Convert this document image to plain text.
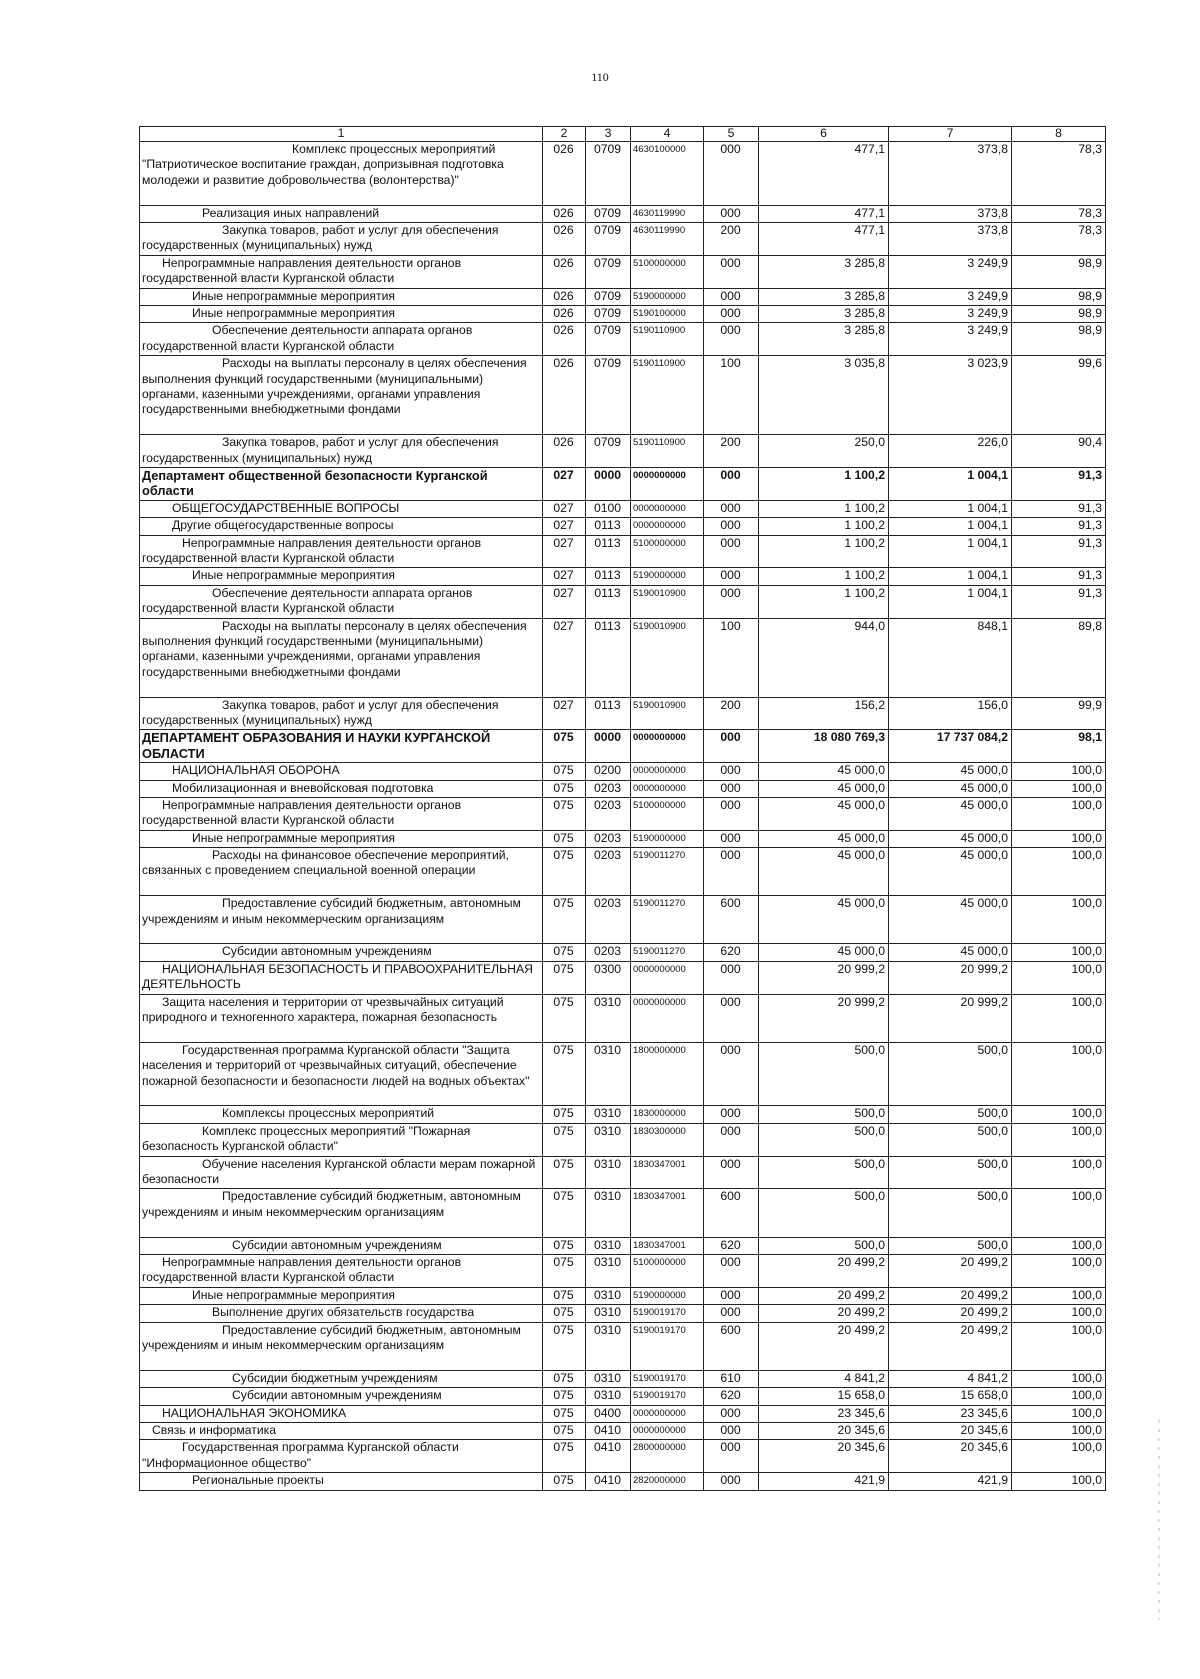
110
1	2	3	4	5	6	7	8

Комплекс процессных мероприятий "Патриотическое воспитание граждан, допризывная подготовка молодежи и развитие добровольчества (волонтерства)"	026	0709	4630100000	000	477,1	373,8	78,3

Реализация иных направлений	026	0709	4630119990	000	477,1	373,8	78,3

Закупка товаров, работ и услуг для обеспечения государственных (муниципальных) нужд	026	0709	4630119990	200	477,1	373,8	78,3

Непрограммные направления деятельности органов государственной власти Курганской области	026	0709	5100000000	000	3 285,8	3 249,9	98,9

Иные непрограммные мероприятия	026	0709	5190000000	000	3 285,8	3 249,9	98,9

Иные непрограммные мероприятия	026	0709	5190100000	000	3 285,8	3 249,9	98,9

Обеспечение деятельности аппарата органов государственной власти Курганской области	026	0709	5190110900	000	3 285,8	3 249,9	98,9

Расходы на выплаты персоналу в целях обеспечения выполнения функций государственными (муниципальными) органами, казенными учреждениями, органами управления государственными внебюджетными фондами	026	0709	5190110900	100	3 035,8	3 023,9	99,6

Закупка товаров, работ и услуг для обеспечения государственных (муниципальных) нужд	026	0709	5190110900	200	250,0	226,0	90,4

Департамент общественной безопасности Курганской области	027	0000	0000000000	000	1 100,2	1 004,1	91,3

ОБЩЕГОСУДАРСТВЕННЫЕ ВОПРОСЫ	027	0100	0000000000	000	1 100,2	1 004,1	91,3

Другие общегосударственные вопросы	027	0113	0000000000	000	1 100,2	1 004,1	91,3

Непрограммные направления деятельности органов государственной власти Курганской области	027	0113	5100000000	000	1 100,2	1 004,1	91,3

Иные непрограммные мероприятия	027	0113	5190000000	000	1 100,2	1 004,1	91,3

Обеспечение деятельности аппарата органов государственной власти Курганской области	027	0113	5190010900	000	1 100,2	1 004,1	91,3

Расходы на выплаты персоналу в целях обеспечения выполнения функций государственными (муниципальными) органами, казенными учреждениями, органами управления государственными внебюджетными фондами	027	0113	5190010900	100	944,0	848,1	89,8

Закупка товаров, работ и услуг для обеспечения государственных (муниципальных) нужд	027	0113	5190010900	200	156,2	156,0	99,9

ДЕПАРТАМЕНТ ОБРАЗОВАНИЯ И НАУКИ КУРГАНСКОЙ ОБЛАСТИ	075	0000	0000000000	000	18 080 769,3	17 737 084,2	98,1

НАЦИОНАЛЬНАЯ ОБОРОНА	075	0200	0000000000	000	45 000,0	45 000,0	100,0

Мобилизационная и вневойсковая подготовка	075	0203	0000000000	000	45 000,0	45 000,0	100,0

Непрограммные направления деятельности органов государственной власти Курганской области	075	0203	5100000000	000	45 000,0	45 000,0	100,0

Иные непрограммные мероприятия	075	0203	5190000000	000	45 000,0	45 000,0	100,0

Расходы на финансовое обеспечение мероприятий, связанных с проведением специальной военной операции	075	0203	5190011270	000	45 000,0	45 000,0	100,0

Предоставление субсидий бюджетным, автономным учреждениям и иным некоммерческим организациям	075	0203	5190011270	600	45 000,0	45 000,0	100,0

Субсидии автономным учреждениям	075	0203	5190011270	620	45 000,0	45 000,0	100,0

НАЦИОНАЛЬНАЯ БЕЗОПАСНОСТЬ И ПРАВООХРАНИТЕЛЬНАЯ ДЕЯТЕЛЬНОСТЬ	075	0300	0000000000	000	20 999,2	20 999,2	100,0

Защита населения и территории от чрезвычайных ситуаций природного и техногенного характера, пожарная безопасность	075	0310	0000000000	000	20 999,2	20 999,2	100,0

Государственная программа Курганской области "Защита населения и территорий от чрезвычайных ситуаций, обеспечение пожарной безопасности и безопасности людей на водных объектах"	075	0310	1800000000	000	500,0	500,0	100,0

Комплексы процессных мероприятий	075	0310	1830000000	000	500,0	500,0	100,0

Комплекс процессных мероприятий "Пожарная безопасность Курганской области"	075	0310	1830300000	000	500,0	500,0	100,0

Обучение населения Курганской области мерам пожарной безопасности	075	0310	1830347001	000	500,0	500,0	100,0

Предоставление субсидий бюджетным, автономным учреждениям и иным некоммерческим организациям	075	0310	1830347001	600	500,0	500,0	100,0

Субсидии автономным учреждениям	075	0310	1830347001	620	500,0	500,0	100,0

Непрограммные направления деятельности органов государственной власти Курганской области	075	0310	5100000000	000	20 499,2	20 499,2	100,0

Иные непрограммные мероприятия	075	0310	5190000000	000	20 499,2	20 499,2	100,0

Выполнение других обязательств государства	075	0310	5190019170	000	20 499,2	20 499,2	100,0

Предоставление субсидий бюджетным, автономным учреждениям и иным некоммерческим организациям	075	0310	5190019170	600	20 499,2	20 499,2	100,0

Субсидии бюджетным учреждениям	075	0310	5190019170	610	4 841,2	4 841,2	100,0

Субсидии автономным учреждениям	075	0310	5190019170	620	15 658,0	15 658,0	100,0

НАЦИОНАЛЬНАЯ ЭКОНОМИКА	075	0400	0000000000	000	23 345,6	23 345,6	100,0

Связь и информатика	075	0410	0000000000	000	20 345,6	20 345,6	100,0

Государственная программа Курганской области "Информационное общество"	075	0410	2800000000	000	20 345,6	20 345,6	100,0

Региональные проекты	075	0410	2820000000	000	421,9	421,9	100,0
